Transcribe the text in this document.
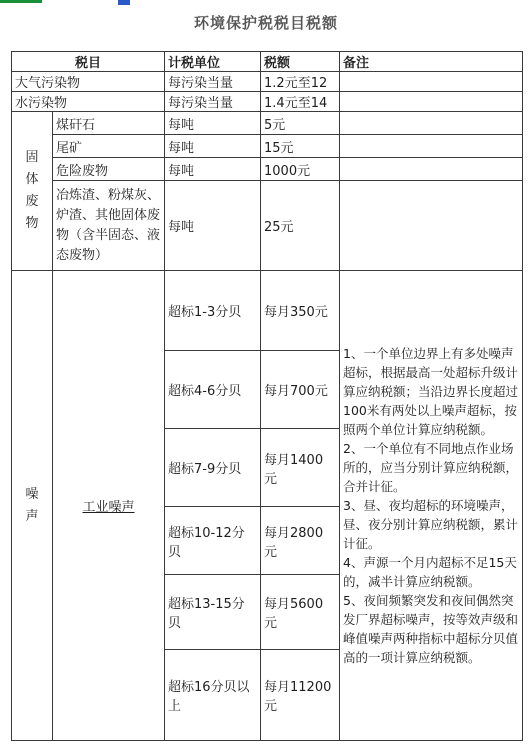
环境保护税税目税额
税目		计税单位	税额	备注
大气污染物		每污染当量	1.2元至12	
水污染物		每污染当量	1.4元至14	
固
体
废
物	煤矸石	每吨	5元	
	尾矿	每吨	15元	
	危险废物	每吨	1000元	
	冶炼渣、粉煤灰、炉渣、其他固体废物（含半固态、液态废物）	每吨	25元	
噪
声	工业噪声	超标1-3分贝	每月350元	1、一个单位边界上有多处噪声超标，根据最高一处超标升级计算应纳税额；当沿边界长度超过100米有两处以上噪声超标，按照两个单位计算应纳税额。
2、一个单位有不同地点作业场所的，应当分别计算应纳税额，合并计征。
3、昼、夜均超标的环境噪声，昼、夜分别计算应纳税额，累计计征。
4、声源一个月内超标不足15天的，减半计算应纳税额。
5、夜间频繁突发和夜间偶然突发厂界超标噪声，按等效声级和峰值噪声两种指标中超标分贝值高的一项计算应纳税额。
		超标4-6分贝	每月700元	
		超标7-9分贝	每月1400元	
		超标10-12分贝	每月2800元	
		超标13-15分贝	每月5600元	
		超标16分贝以上	每月11200元	
